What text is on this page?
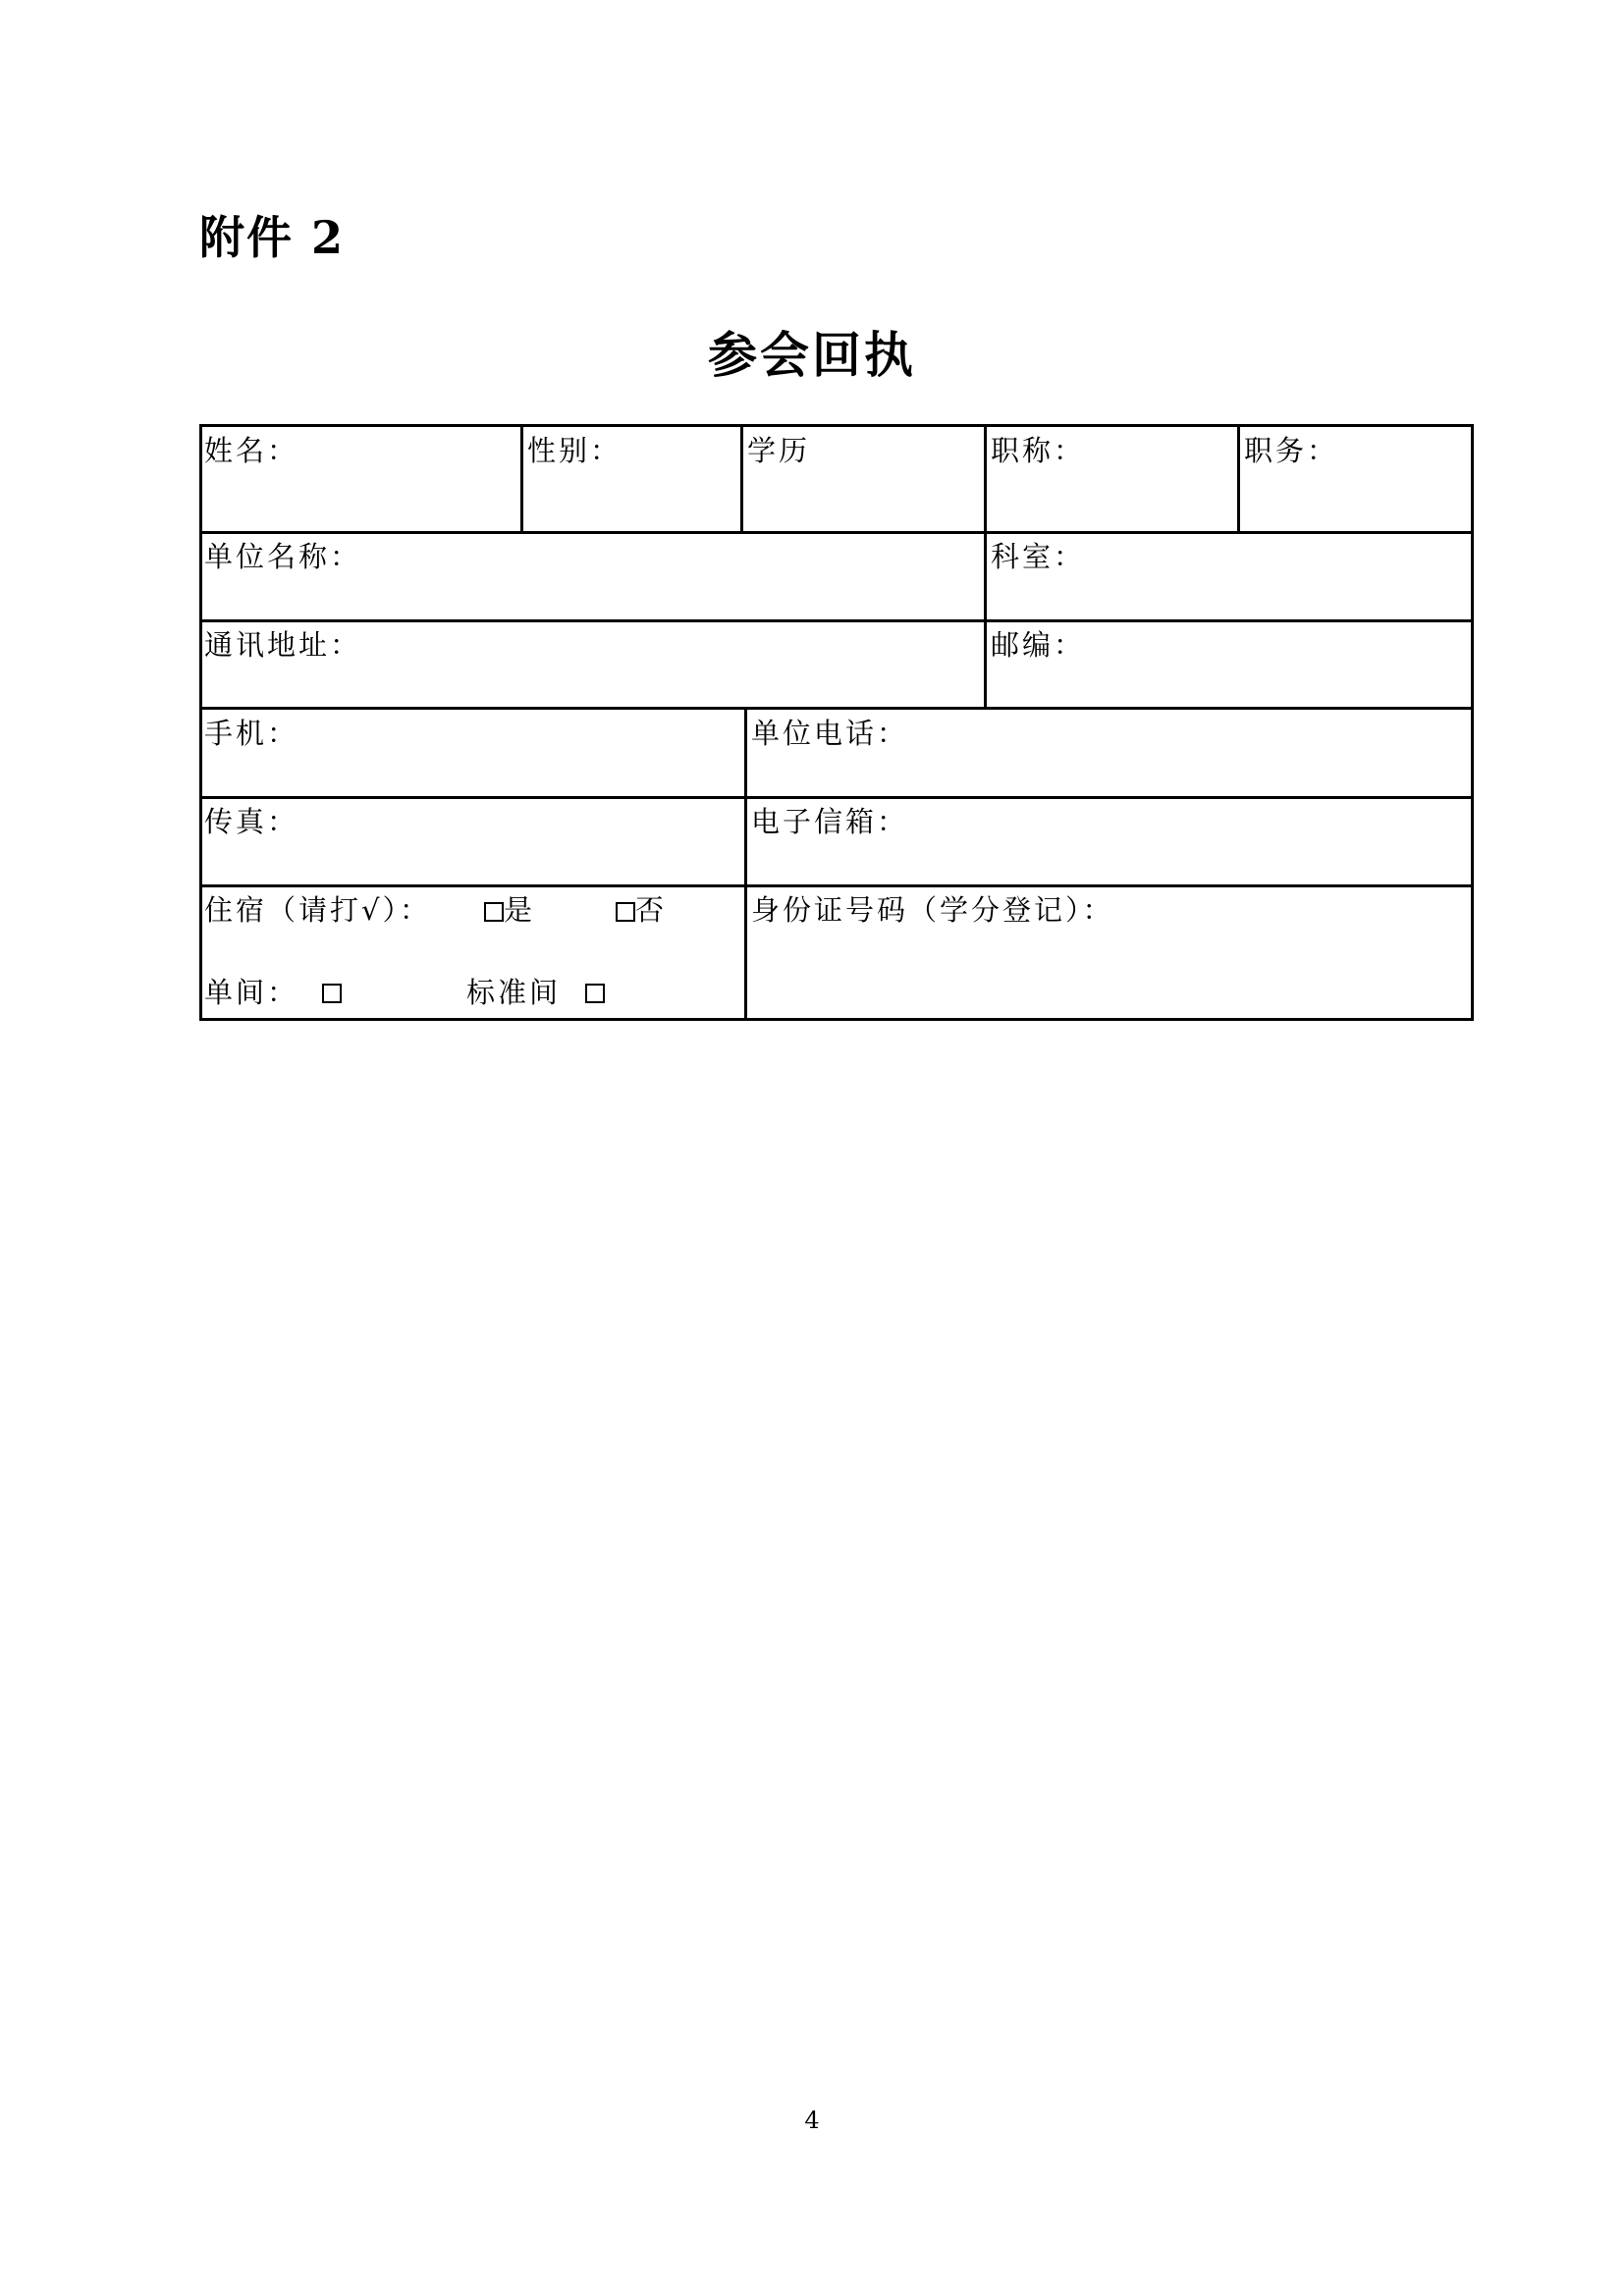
附件 2
参会回执
姓名：	性别：	学历	职称：	职务：
单位名称：	科室：
通讯地址：	邮编：
手机：	单位电话：
传真：	电子信箱：
住宿（请打√）：	是	否
单间：	标准间
身份证号码（学分登记）：
4
